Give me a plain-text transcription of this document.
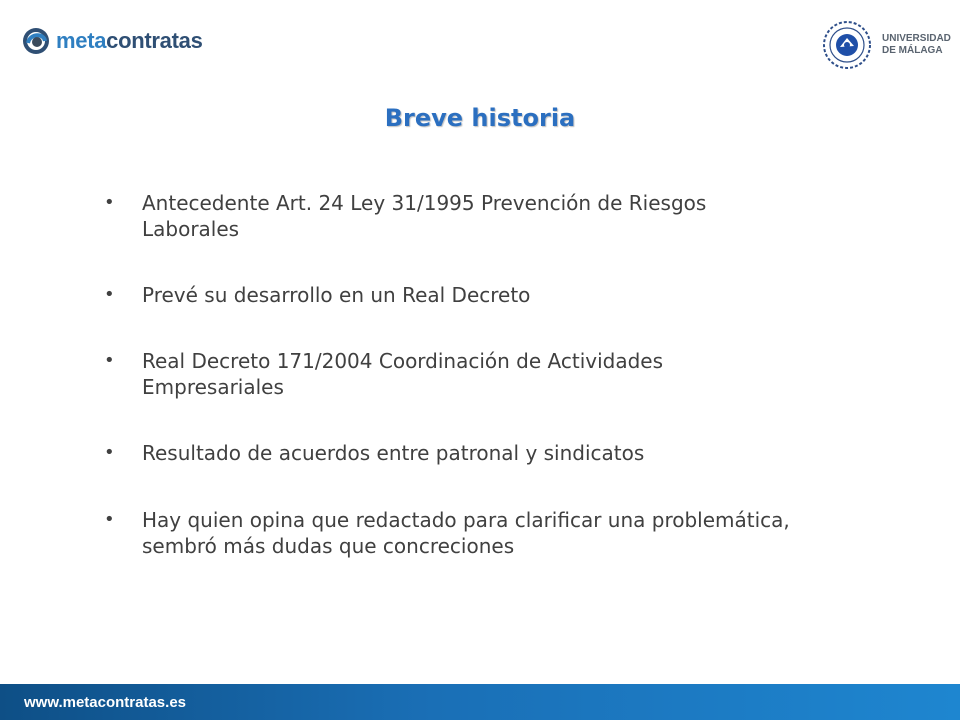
metacontratas	UNIVERSIDAD
DE MÁLAGA
Breve historia
• Antecedente Art. 24 Ley 31/1995 Prevención de Riesgos Laborales
• Prevé su desarrollo en un Real Decreto
• Real Decreto 171/2004 Coordinación de Actividades Empresariales
• Resultado de acuerdos entre patronal y sindicatos
• Hay quien opina que redactado para clarificar una problemática, sembró más dudas que concreciones
www.metacontratas.es
